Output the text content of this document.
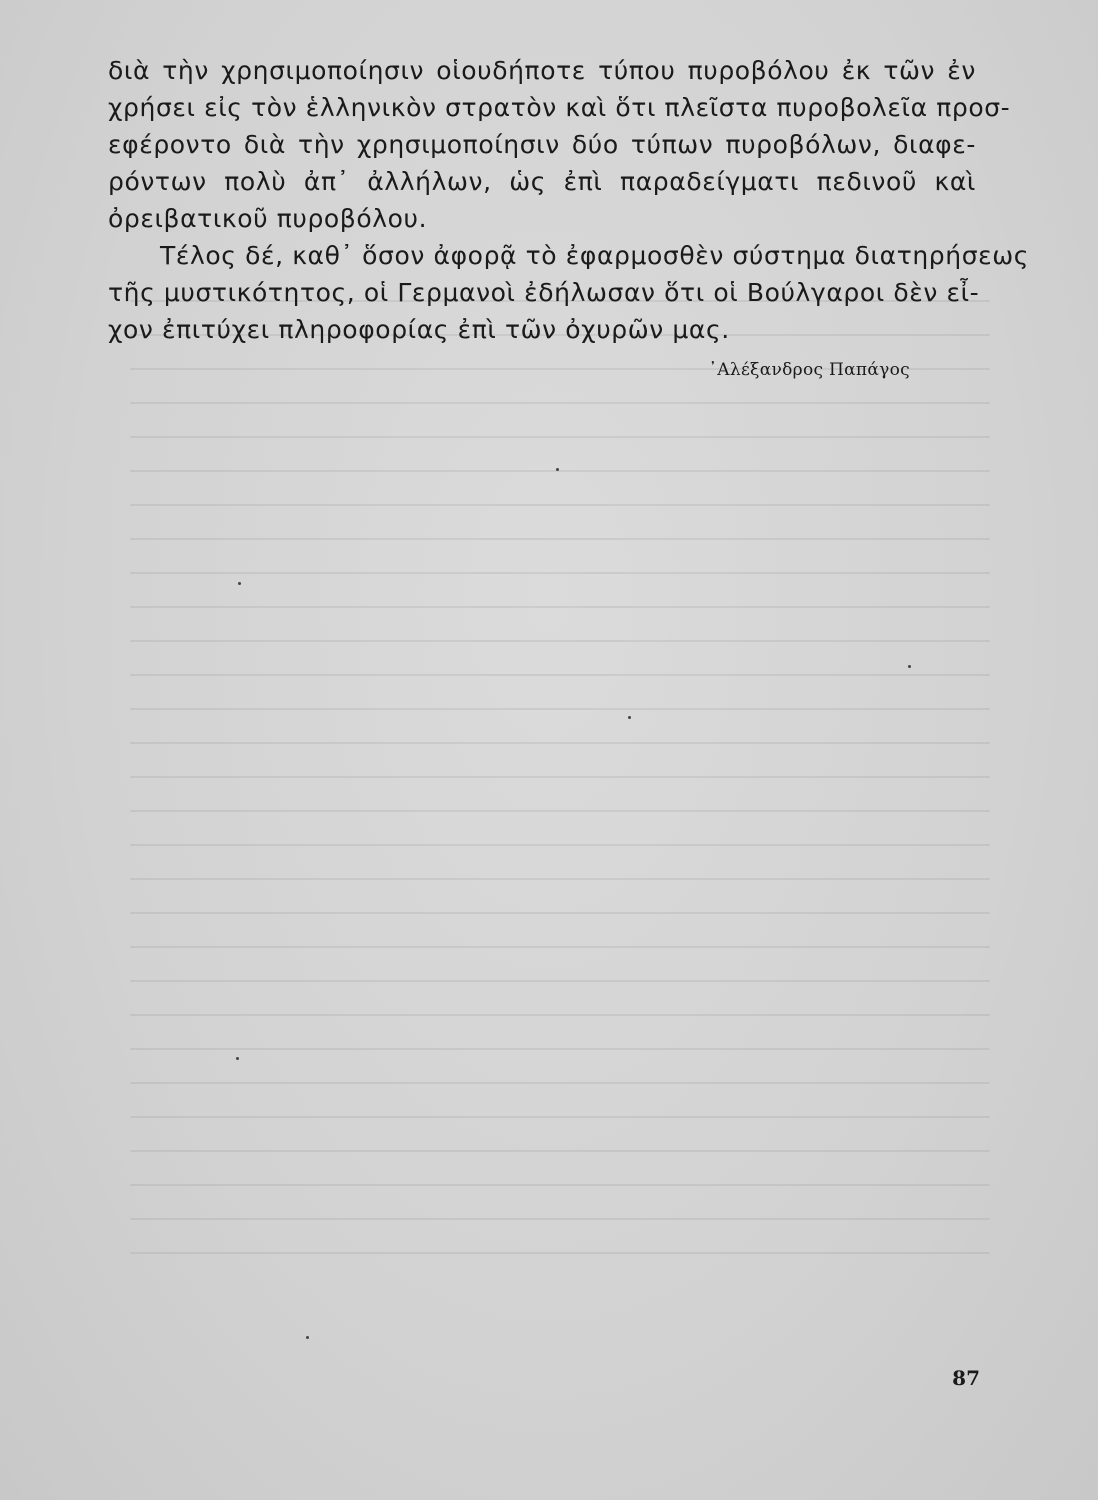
διὰ τὴν χρησιμοποίησιν οἱουδήποτε τύπου πυροβόλου ἐκ τῶν ἐν
χρήσει εἰς τὸν ἑλληνικὸν στρατὸν καὶ ὅτι πλεῖστα πυροβολεῖα προσ-
εφέροντο διὰ τὴν χρησιμοποίησιν δύο τύπων πυροβόλων, διαφε-
ρόντων πολὺ ἀπ᾽ ἀλλήλων, ὡς ἐπὶ παραδείγματι πεδινοῦ καὶ
ὀρειβατικοῦ πυροβόλου.
Τέλος δέ, καθ᾽ ὅσον ἀφορᾷ τὸ ἐφαρμοσθὲν σύστημα διατηρήσεως
τῆς μυστικότητος, οἱ Γερμανοὶ ἐδήλωσαν ὅτι οἱ Βούλγαροι δὲν εἶ-
χον ἐπιτύχει πληροφορίας ἐπὶ τῶν ὀχυρῶν μας.
᾽Αλέξανδρος Παπάγος
87
